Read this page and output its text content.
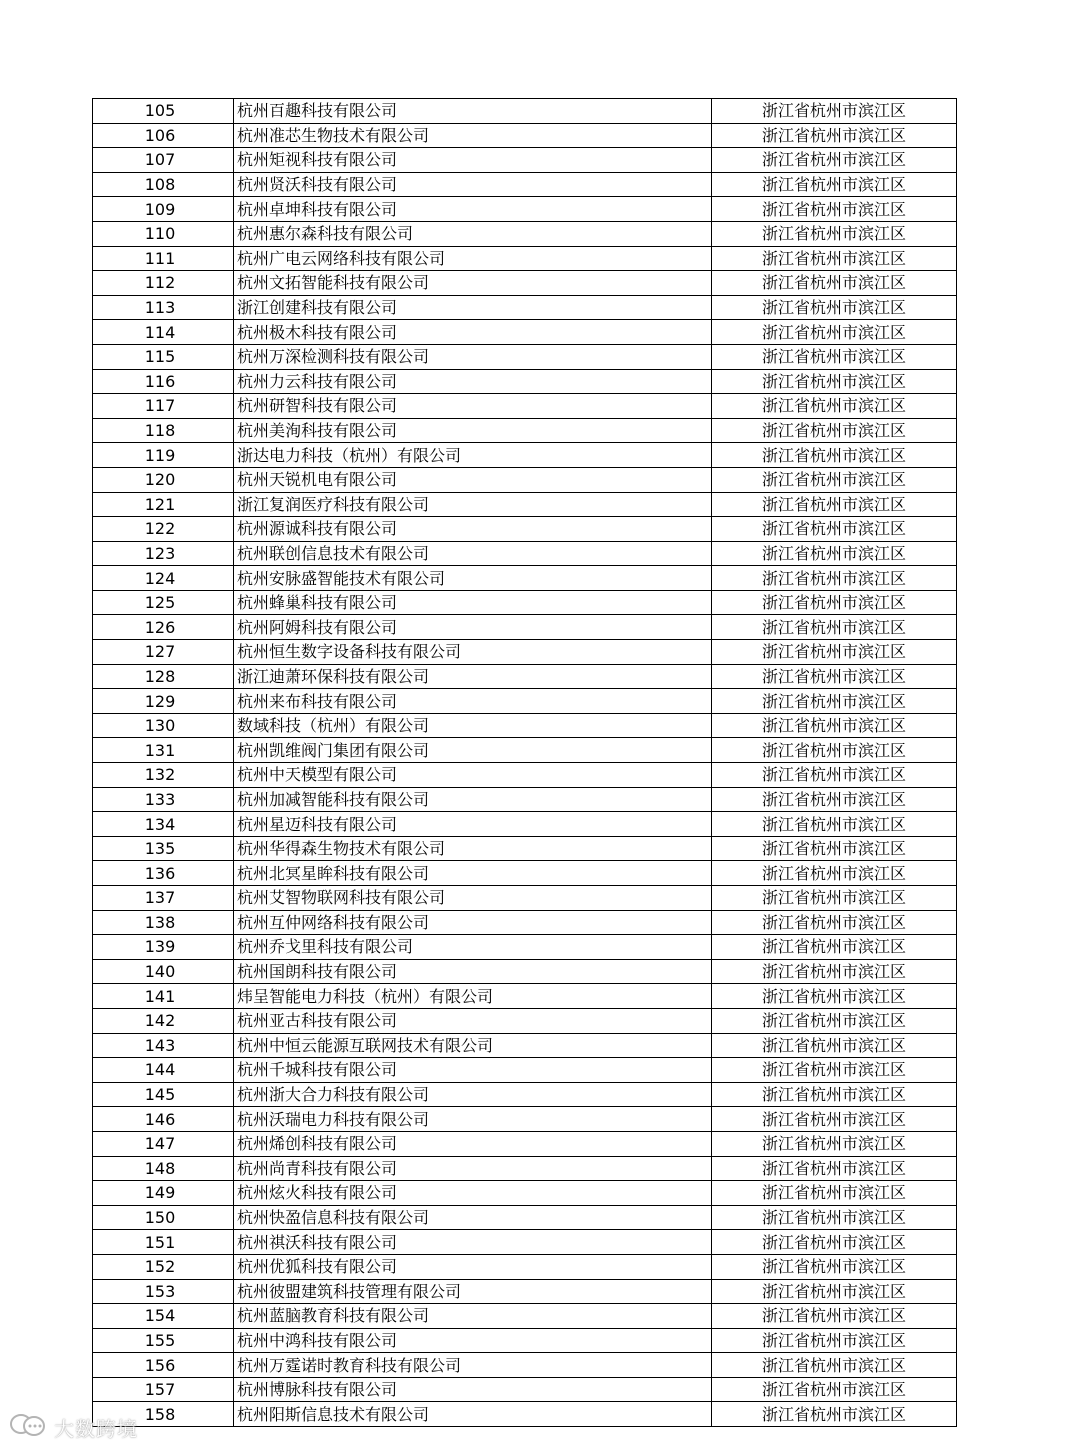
105	杭州百趣科技有限公司	浙江省杭州市滨江区
106	杭州准芯生物技术有限公司	浙江省杭州市滨江区
107	杭州矩视科技有限公司	浙江省杭州市滨江区
108	杭州贤沃科技有限公司	浙江省杭州市滨江区
109	杭州卓坤科技有限公司	浙江省杭州市滨江区
110	杭州惠尔森科技有限公司	浙江省杭州市滨江区
111	杭州广电云网络科技有限公司	浙江省杭州市滨江区
112	杭州文拓智能科技有限公司	浙江省杭州市滨江区
113	浙江创建科技有限公司	浙江省杭州市滨江区
114	杭州极木科技有限公司	浙江省杭州市滨江区
115	杭州万深检测科技有限公司	浙江省杭州市滨江区
116	杭州力云科技有限公司	浙江省杭州市滨江区
117	杭州研智科技有限公司	浙江省杭州市滨江区
118	杭州美洵科技有限公司	浙江省杭州市滨江区
119	浙达电力科技（杭州）有限公司	浙江省杭州市滨江区
120	杭州天锐机电有限公司	浙江省杭州市滨江区
121	浙江复润医疗科技有限公司	浙江省杭州市滨江区
122	杭州源诚科技有限公司	浙江省杭州市滨江区
123	杭州联创信息技术有限公司	浙江省杭州市滨江区
124	杭州安脉盛智能技术有限公司	浙江省杭州市滨江区
125	杭州蜂巢科技有限公司	浙江省杭州市滨江区
126	杭州阿姆科技有限公司	浙江省杭州市滨江区
127	杭州恒生数字设备科技有限公司	浙江省杭州市滨江区
128	浙江迪萧环保科技有限公司	浙江省杭州市滨江区
129	杭州来布科技有限公司	浙江省杭州市滨江区
130	数域科技（杭州）有限公司	浙江省杭州市滨江区
131	杭州凯维阀门集团有限公司	浙江省杭州市滨江区
132	杭州中天模型有限公司	浙江省杭州市滨江区
133	杭州加减智能科技有限公司	浙江省杭州市滨江区
134	杭州星迈科技有限公司	浙江省杭州市滨江区
135	杭州华得森生物技术有限公司	浙江省杭州市滨江区
136	杭州北冥星眸科技有限公司	浙江省杭州市滨江区
137	杭州艾智物联网科技有限公司	浙江省杭州市滨江区
138	杭州互仲网络科技有限公司	浙江省杭州市滨江区
139	杭州乔戈里科技有限公司	浙江省杭州市滨江区
140	杭州国朗科技有限公司	浙江省杭州市滨江区
141	炜呈智能电力科技（杭州）有限公司	浙江省杭州市滨江区
142	杭州亚古科技有限公司	浙江省杭州市滨江区
143	杭州中恒云能源互联网技术有限公司	浙江省杭州市滨江区
144	杭州千城科技有限公司	浙江省杭州市滨江区
145	杭州浙大合力科技有限公司	浙江省杭州市滨江区
146	杭州沃瑞电力科技有限公司	浙江省杭州市滨江区
147	杭州烯创科技有限公司	浙江省杭州市滨江区
148	杭州尚青科技有限公司	浙江省杭州市滨江区
149	杭州炫火科技有限公司	浙江省杭州市滨江区
150	杭州快盈信息科技有限公司	浙江省杭州市滨江区
151	杭州祺沃科技有限公司	浙江省杭州市滨江区
152	杭州优狐科技有限公司	浙江省杭州市滨江区
153	杭州彼盟建筑科技管理有限公司	浙江省杭州市滨江区
154	杭州蓝脑教育科技有限公司	浙江省杭州市滨江区
155	杭州中鸿科技有限公司	浙江省杭州市滨江区
156	杭州万霆诺时教育科技有限公司	浙江省杭州市滨江区
157	杭州博脉科技有限公司	浙江省杭州市滨江区
158	杭州阳斯信息技术有限公司	浙江省杭州市滨江区
大数跨境
